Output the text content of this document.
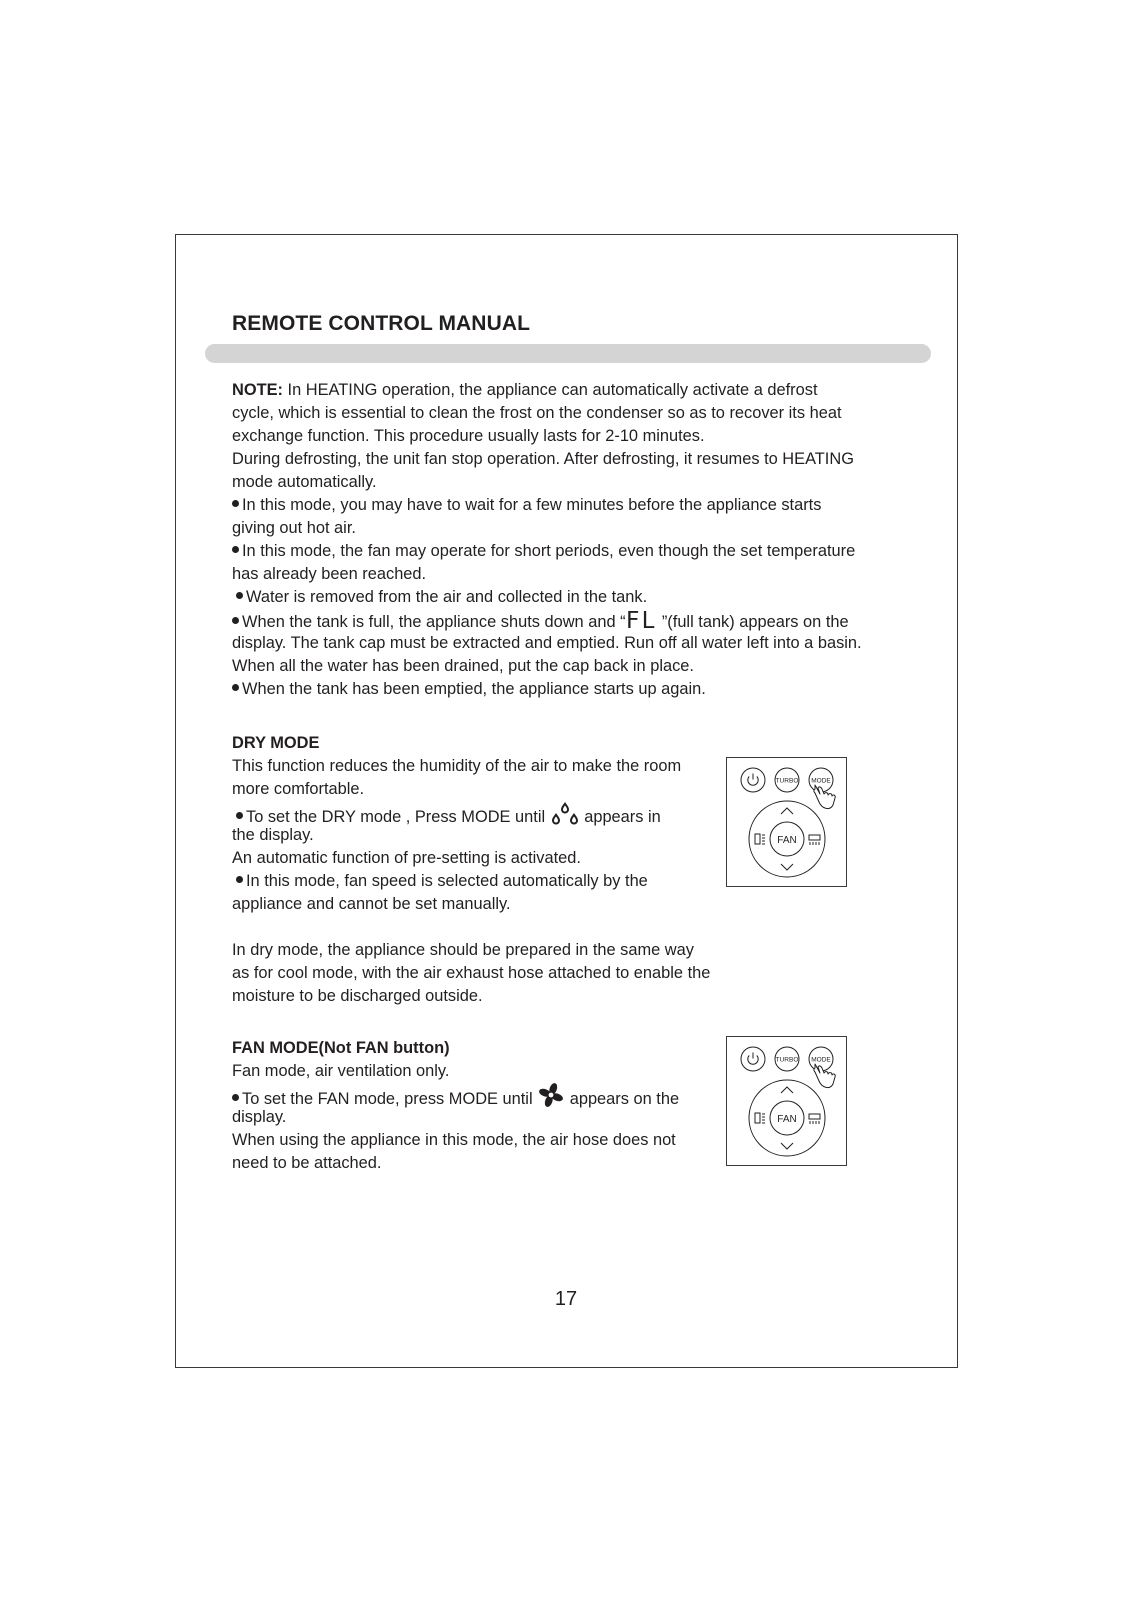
REMOTE CONTROL MANUAL
NOTE: In HEATING operation, the appliance can automatically activate a defrost
cycle, which is essential to clean the frost on the condenser so as to recover its heat
exchange function. This procedure usually lasts for 2-10 minutes.
During defrosting, the unit fan stop operation. After defrosting, it resumes to HEATING
mode automatically.
In this mode, you may have to wait for a few minutes before the appliance starts
giving out hot air.
In this mode, the fan may operate for short periods, even though the set temperature
has already been reached.
Water is removed from the air and collected in the tank.
When the tank is full, the appliance shuts down and “FL ”(full tank) appears on the
display. The tank cap must be extracted and emptied. Run off all water left into a basin.
When all the water has been drained, put the cap back in place.
When the tank has been emptied, the appliance starts up again.
DRY MODE
This function reduces the humidity of the air to make the room
more comfortable.
To set the DRY mode , Press MODE until  appears in
the display.
An automatic function of pre-setting is activated.
In this mode, fan speed is selected automatically by the
appliance and cannot be set manually.
In dry mode, the appliance should be prepared in the same way
as for cool mode, with the air exhaust hose attached to enable the
moisture to be discharged outside.
FAN MODE(Not FAN button)
Fan mode, air ventilation only.
To set the FAN mode, press MODE until  appears on the
display.
When using the appliance in this mode, the air hose does not
need to be attached.
TURBO MODE
FAN
TURBO MODE
FAN
17
